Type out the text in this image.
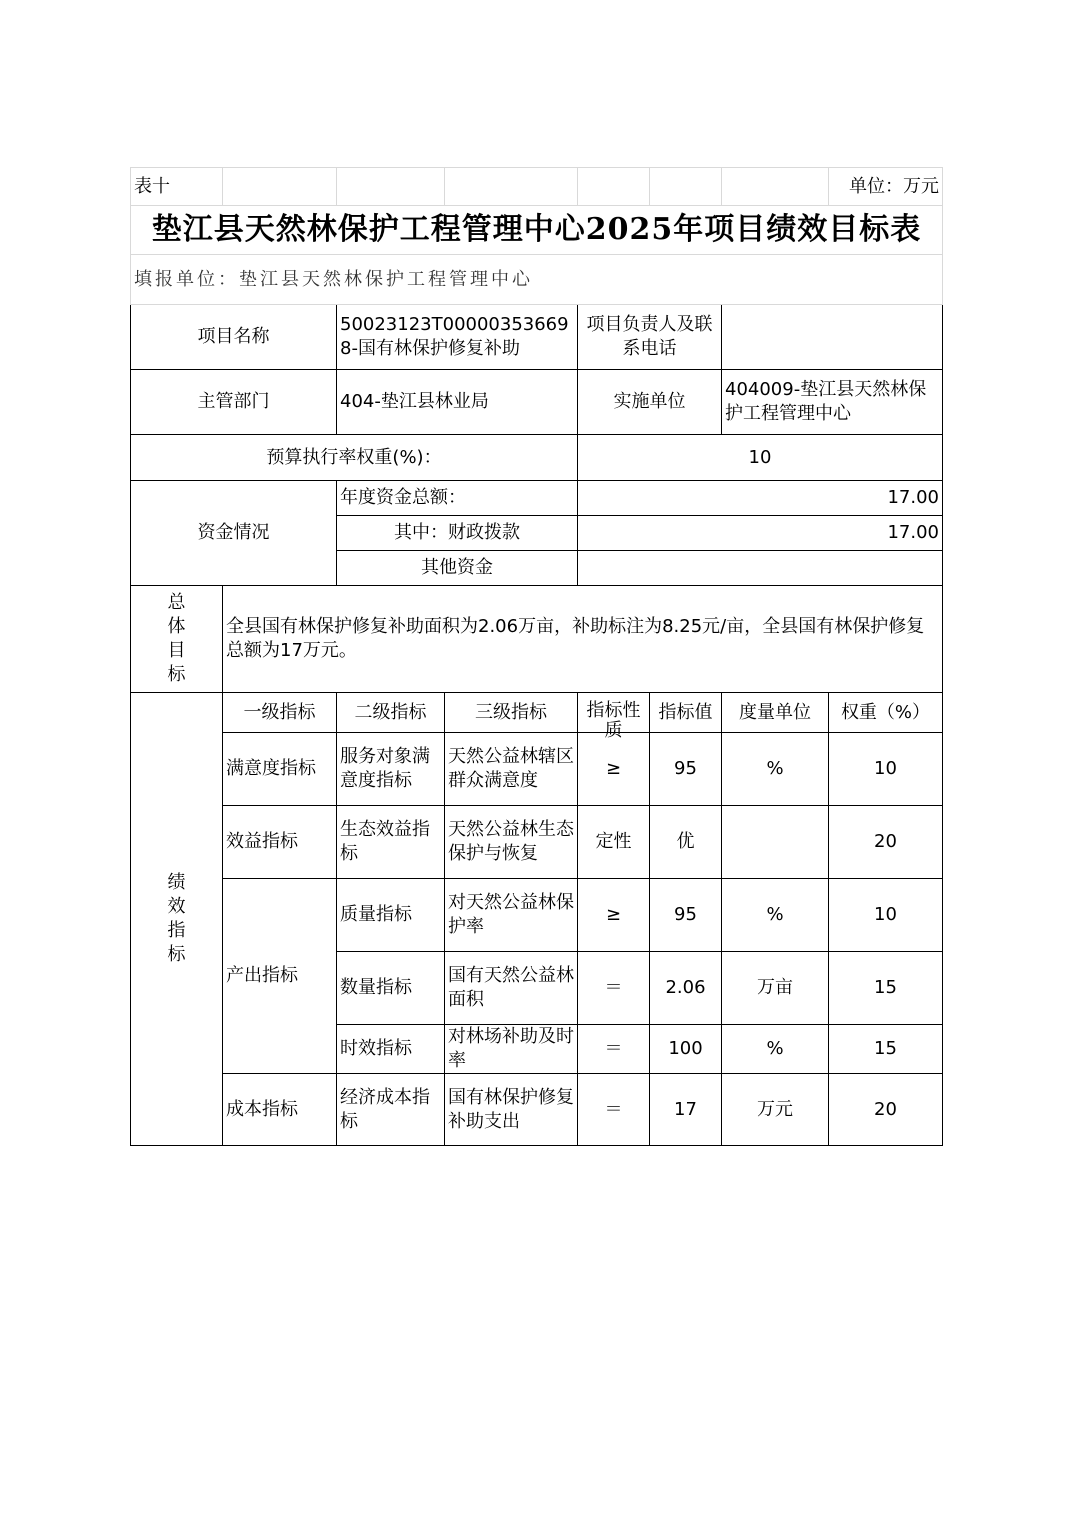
表十							单位：万元
垫江县天然林保护工程管理中心2025年项目绩效目标表							
填报单位：垫江县天然林保护工程管理中心							
项目名称		50023123T000003536698-国有林保护修复补助		项目负责人及联系电话			
主管部门		404-垫江县林业局		实施单位		404009-垫江县天然林保护工程管理中心	
预算执行率权重(%)：				10			
资金情况		年度资金总额：		17.00			
		其中：财政拨款		17.00			
		其他资金					

总
体
目
标	全县国有林保护修复补助面积为2.06万亩，补助标注为8.25元/亩，全县国有林保护修复总额为17万元。						

绩
效
指
标	一级指标	二级指标	三级指标	指标性质	指标值	度量单位	权重（%）
	满意度指标	服务对象满意度指标	天然公益林辖区群众满意度	≥	95	%	10
	效益指标	生态效益指标	天然公益林生态保护与恢复	定性	优		20
	产出指标	质量指标	对天然公益林保护率	≥	95	%	10
		数量指标	国有天然公益林面积	＝	2.06	万亩	15
		时效指标	对林场补助及时率	＝	100	%	15
	成本指标	经济成本指标	国有林保护修复补助支出	＝	17	万元	20
